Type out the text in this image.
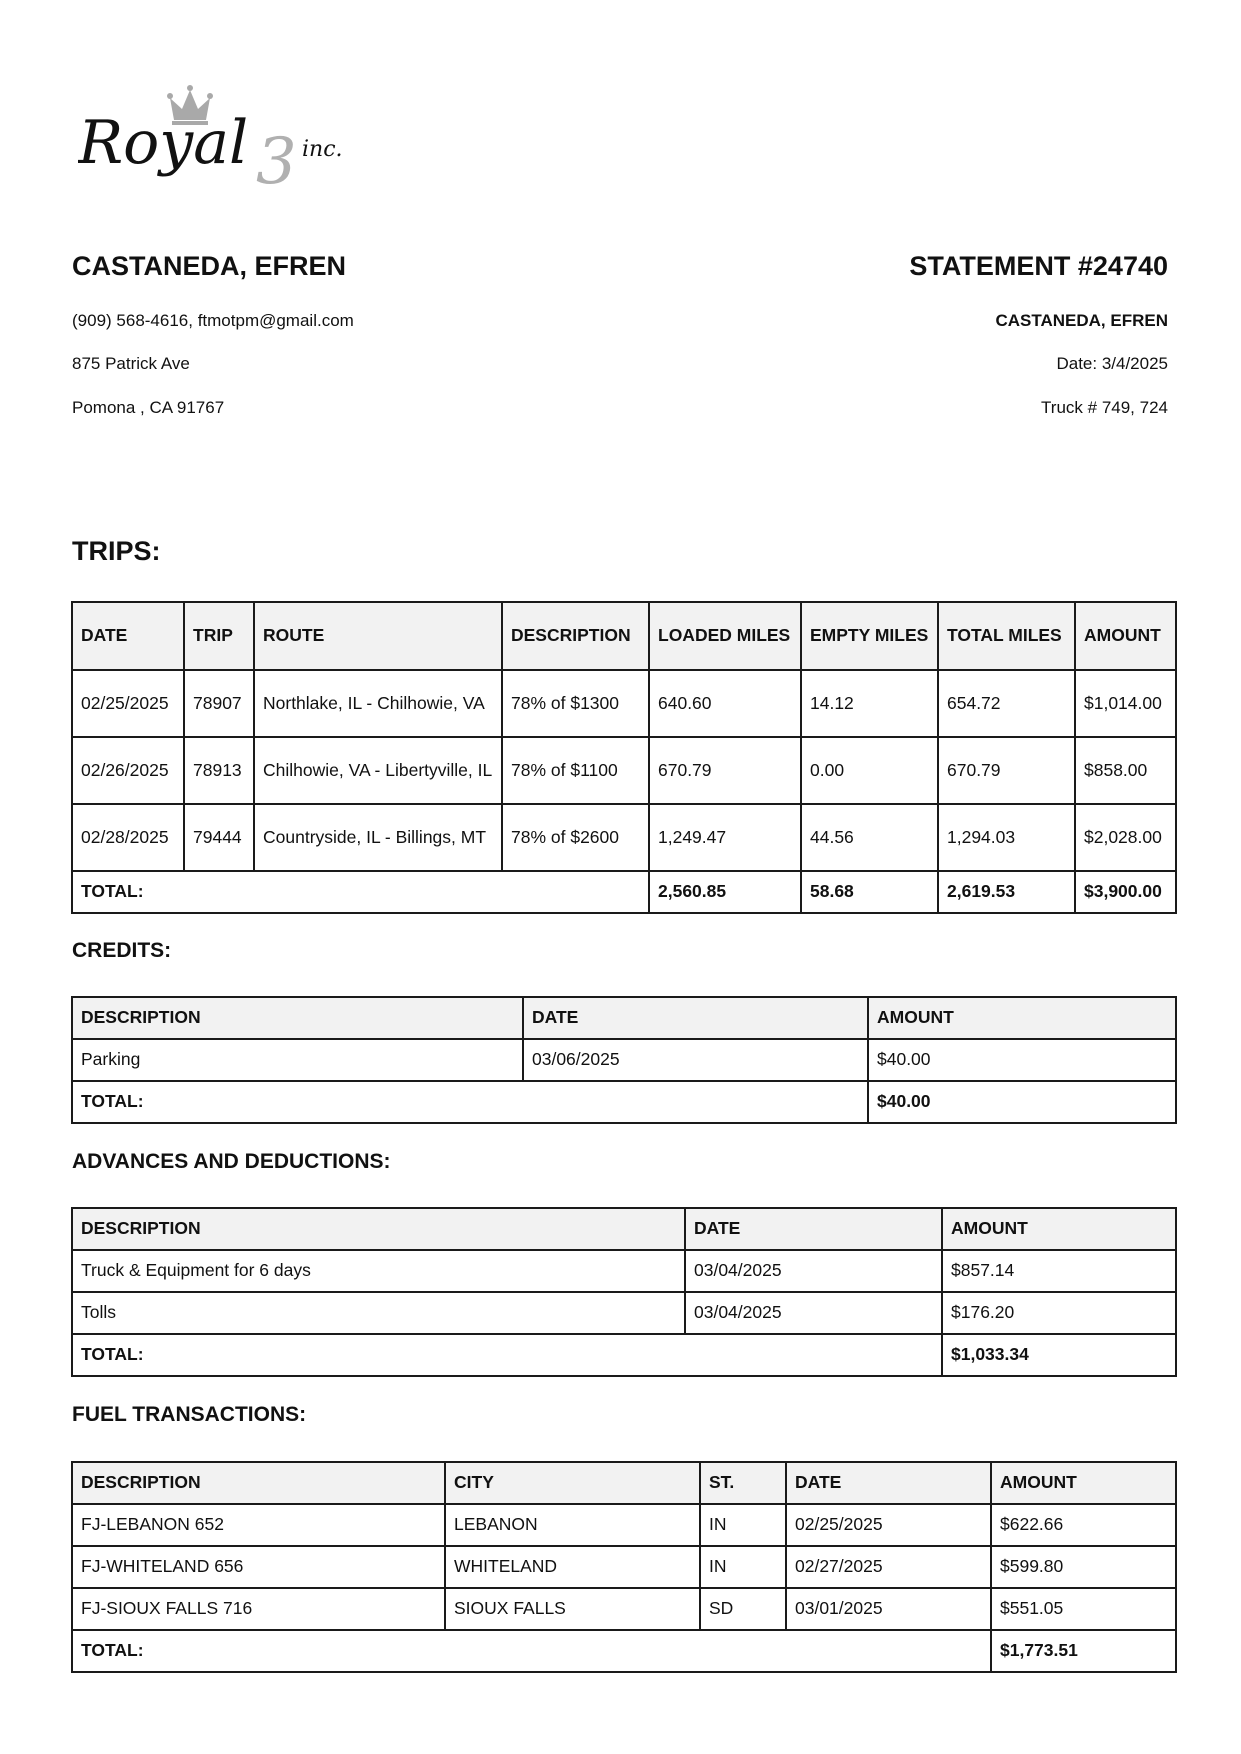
Royal 3 inc.
CASTANEDA, EFREN	STATEMENT #24740

(909) 568-4616, ftmotpm@gmail.com

875 Patrick Ave

Pomona , CA 91767

CASTANEDA, EFREN

Date: 3/4/2025

Truck # 749, 724

TRIPS:
DATE	TRIP	ROUTE	DESCRIPTION	LOADED MILES	EMPTY MILES	TOTAL MILES	AMOUNT
02/25/2025	78907	Northlake, IL - Chilhowie, VA	78% of $1300	640.60	14.12	654.72	$1,014.00
02/26/2025	78913	Chilhowie, VA - Libertyville, IL	78% of $1100	670.79	0.00	670.79	$858.00
02/28/2025	79444	Countryside, IL - Billings, MT	78% of $2600	1,249.47	44.56	1,294.03	$2,028.00
TOTAL:				2,560.85	58.68	2,619.53	$3,900.00
CREDITS:
DESCRIPTION	DATE	AMOUNT
Parking	03/06/2025	$40.00
TOTAL:		$40.00
ADVANCES AND DEDUCTIONS:
DESCRIPTION	DATE	AMOUNT
Truck & Equipment for 6 days	03/04/2025	$857.14
Tolls	03/04/2025	$176.20
TOTAL:		$1,033.34
FUEL TRANSACTIONS:
DESCRIPTION	CITY	ST.	DATE	AMOUNT
FJ-LEBANON 652	LEBANON	IN	02/25/2025	$622.66
FJ-WHITELAND 656	WHITELAND	IN	02/27/2025	$599.80
FJ-SIOUX FALLS 716	SIOUX FALLS	SD	03/01/2025	$551.05
TOTAL:				$1,773.51
